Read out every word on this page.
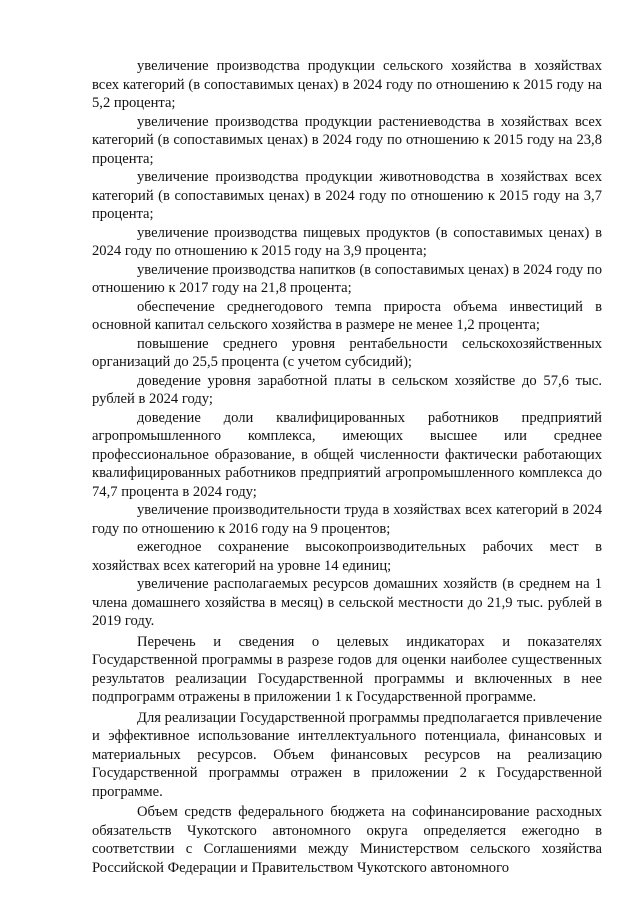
увеличение производства продукции сельского хозяйства в хозяйствах всех категорий (в сопоставимых ценах) в 2024 году по отношению к 2015 году на 5,2 процента;

увеличение производства продукции растениеводства в хозяйствах всех категорий (в сопоставимых ценах) в 2024 году по отношению к 2015 году на 23,8 процента;

увеличение производства продукции животноводства в хозяйствах всех категорий (в сопоставимых ценах) в 2024 году по отношению к 2015 году на 3,7 процента;

увеличение производства пищевых продуктов (в сопоставимых ценах) в 2024 году по отношению к 2015 году на 3,9 процента;

увеличение производства напитков (в сопоставимых ценах) в 2024 году по отношению к 2017 году на 21,8 процента;

обеспечение среднегодового темпа прироста объема инвестиций в основной капитал сельского хозяйства в размере не менее 1,2 процента;

повышение среднего уровня рентабельности сельскохозяйственных организаций до 25,5 процента (с учетом субсидий);

доведение уровня заработной платы в сельском хозяйстве до 57,6 тыс. рублей в 2024 году;

доведение доли квалифицированных работников предприятий агропромышленного комплекса, имеющих высшее или среднее профессиональное образование, в общей численности фактически работающих квалифицированных работников предприятий агропромышленного комплекса до 74,7 процента в 2024 году;

увеличение производительности труда в хозяйствах всех категорий в 2024 году по отношению к 2016 году на 9 процентов;

ежегодное сохранение высокопроизводительных рабочих мест в хозяйствах всех категорий на уровне 14 единиц;

увеличение располагаемых ресурсов домашних хозяйств (в среднем на 1 члена домашнего хозяйства в месяц) в сельской местности до 21,9 тыс. рублей в 2019 году.

Перечень и сведения о целевых индикаторах и показателях Государственной программы в разрезе годов для оценки наиболее существенных результатов реализации Государственной программы и включенных в нее подпрограмм отражены в приложении 1 к Государственной программе.

Для реализации Государственной программы предполагается привлечение и эффективное использование интеллектуального потенциала, финансовых и материальных ресурсов. Объем финансовых ресурсов на реализацию Государственной программы отражен в приложении 2 к Государственной программе.

Объем средств федерального бюджета на софинансирование расходных обязательств Чукотского автономного округа определяется ежегодно в соответствии с Соглашениями между Министерством сельского хозяйства Российской Федерации и Правительством Чукотского автономного
